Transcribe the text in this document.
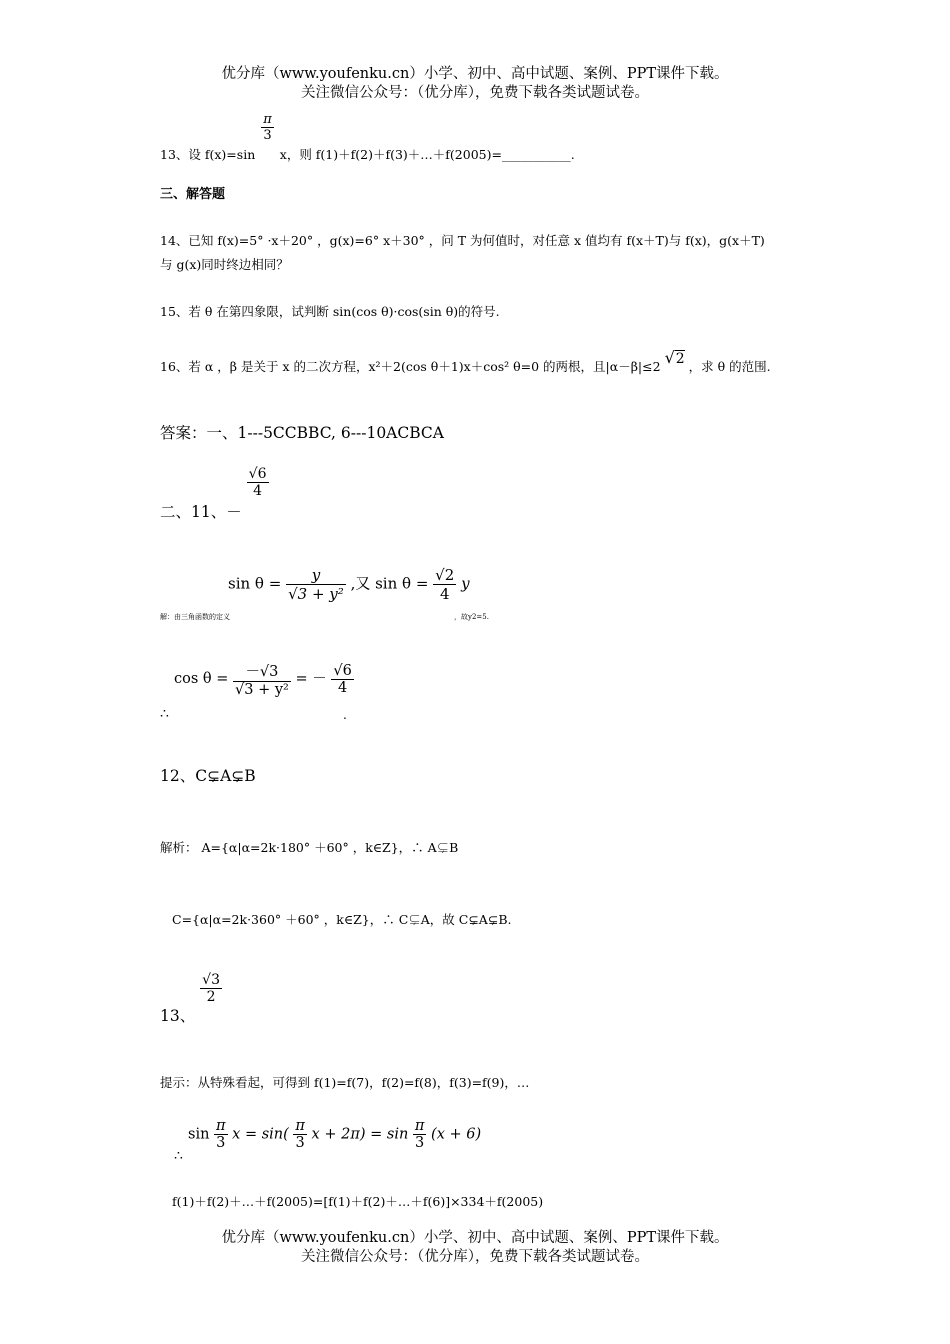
优分库（www.youfenku.cn）小学、初中、高中试题、案例、PPT课件下载。
关注微信公众号：（优分库），免费下载各类试题试卷。
13、设 f(x)=sin
$\frac{\pi}{3}$
x，则 f(1)＋f(2)＋f(3)＋…＋f(2005)=___________.
三、解答题
14、已知 f(x)=5° ·x＋20° ，g(x)=6° x＋30° ，问 T 为何值时，对任意 x 值均有 f(x＋T)与 f(x)，g(x＋T)
与 g(x)同时终边相同？
15、若 θ 在第四象限，试判断 sin(cos θ)·cos(sin θ)的符号.
16、若 α ，β 是关于 x 的二次方程，x²＋2(cos θ＋1)x＋cos² θ=0 的两根，且|α－β|≤2 √2 ，求 θ 的范围.
答案：一、1---5CCBBC, 6---10ACBCA
二、11、－
$\frac{√6}{4}$
解：由三角函数的定义
$\sin \theta = \frac{y}{\text{√3 + y²}}$ ,又 $\sin \theta = \frac{√2}{4}$ y
，故y2=5.
∴
$\cos \theta = \frac{-√3}{\text{√3 + y²}}$ = － $\frac{√6}{4}$
.
12、C⊊A⊊B
解析： A={α|α=2k·180° ＋60° ，k∈Z}，∴ A⊊B
C={α|α=2k·360° ＋60° ，k∈Z}，∴ C⊊A，故 C⊊A⊊B.
13、
$\frac{√3}{2}$
提示：从特殊看起，可得到 f(1)=f(7)，f(2)=f(8)，f(3)=f(9)，…
∴
$\sin \frac{\pi}{3}$ $x = \sin( \frac{\pi}{3}$ $x + 2\pi) = \sin \frac{\pi}{3} (x + 6)$
f(1)＋f(2)＋…＋f(2005)=[f(1)＋f(2)＋…＋f(6)]×334＋f(2005)
优分库（www.youfenku.cn）小学、初中、高中试题、案例、PPT课件下载。
关注微信公众号：（优分库），免费下载各类试题试卷。
